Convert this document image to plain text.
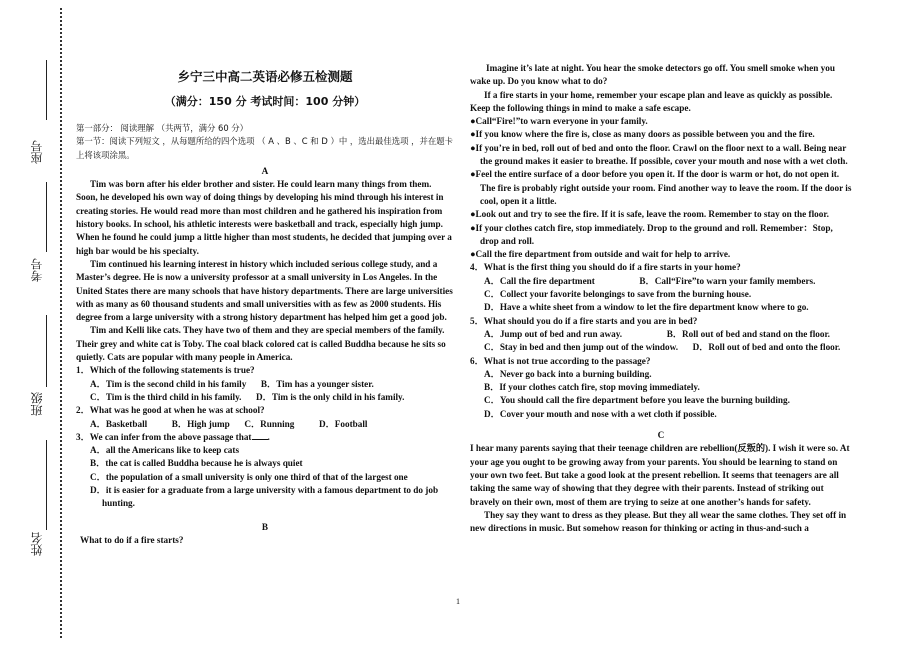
座号
考号
班级
姓名
乡宁三中高二英语必修五检测题
（满分：150 分 考试时间：100 分钟）

第一部分： 阅读理解 （共两节，满分 60 分）

第一节：阅读下列短文 ，从每题所给的四个选项 （ A 、B 、C 和 D ）中 ，选出最佳选项 ，并在题卡上将该项涂黑。

A

Tim was born after his elder brother and sister. He could learn many things from them. Soon, he developed his own way of doing things by developing his mind through his interest in creating stories. He would read more than most children and he gathered his inspiration from history books. In school, his athletic interests were basketball and track, especially high jump. When he found he could jump a little higher than most students, he decided that jumping over a high bar would be his specialty.

Tim continued his learning interest in history which included serious college study, and a Master’s degree. He is now a university professor at a small university in Los Angeles. In the United States there are many schools that have history departments. There are large universities with as many as 60 thousand students and small universities with as few as 2000 students. His degree from a large university with a strong history department has helped him get a good job.

Tim and Kelli like cats. They have two of them and they are special members of the family. Their grey and white cat is Toby. The coal black colored cat is called Buddha because he sits so quietly. Cats are popular with many people in America.

1．Which of the following statements is true?

A．Tim is the second child in his family B．Tim has a younger sister.

C．Tim is the third child in his family. D．Tim is the only child in his family.

2．What was he good at when he was at school?

A．Basketball	B．High jump C．Running	D．Football

3．We can infer from the above passage that .

A．all the Americans like to keep cats

B．the cat is called Buddha because he is always quiet

C．the population of a small university is only one third of that of the largest one

D．it is easier for a graduate from a large university with a famous department to do job hunting.

B

What to do if a fire starts?

Imagine it’s late at night. You hear the smoke detectors go off. You smell smoke when you wake up. Do you know what to do?

If a fire starts in your home, remember your escape plan and leave as quickly as possible. Keep the following things in mind to make a safe escape.

●Call“Fire!”to warn everyone in your family.

●If you know where the fire is, close as many doors as possible between you and the fire.

●If you’re in bed, roll out of bed and onto the floor. Crawl on the floor next to a wall. Being near the ground makes it easier to breathe. If possible, cover your mouth and nose with a wet cloth.

●Feel the entire surface of a door before you open it. If the door is warm or hot, do not open it. The fire is probably right outside your room. Find another way to leave the room. If the door is cool, open it a little.

●Look out and try to see the fire. If it is safe, leave the room. Remember to stay on the floor.

●If your clothes catch fire, stop immediately. Drop to the ground and roll. Remember：Stop, drop and roll.

●Call the fire department from outside and wait for help to arrive.

4．What is the first thing you should do if a fire starts in your home?

A．Call the fire department	B．Call“Fire”to warn your family members.

C．Collect your favorite belongings to save from the burning house.

D．Have a white sheet from a window to let the fire department know where to go.

5．What should you do if a fire starts and you are in bed?

A．Jump out of bed and run away.	B．Roll out of bed and stand on the floor.

C．Stay in bed and then jump out of the window. D．Roll out of bed and onto the floor.

6．What is not true according to the passage?

A．Never go back into a burning building.

B．If your clothes catch fire, stop moving immediately.

C．You should call the fire department before you leave the burning building.

D．Cover your mouth and nose with a wet cloth if possible.

C

I hear many parents saying that their teenage children are rebellion(反叛的). I wish it were so. At your age you ought to be growing away from your parents. You should be learning to stand on your own two feet. But take a good look at the present rebellion. It seems that teenagers are all taking the same way of showing that they degree with their parents. Instead of striking out bravely on their own, most of them are trying to seize at one another’s hands for safety.

They say they want to dress as they please. But they all wear the same clothes. They set off in new directions in music. But somehow reason for thinking or acting in thus-and-such a

1
